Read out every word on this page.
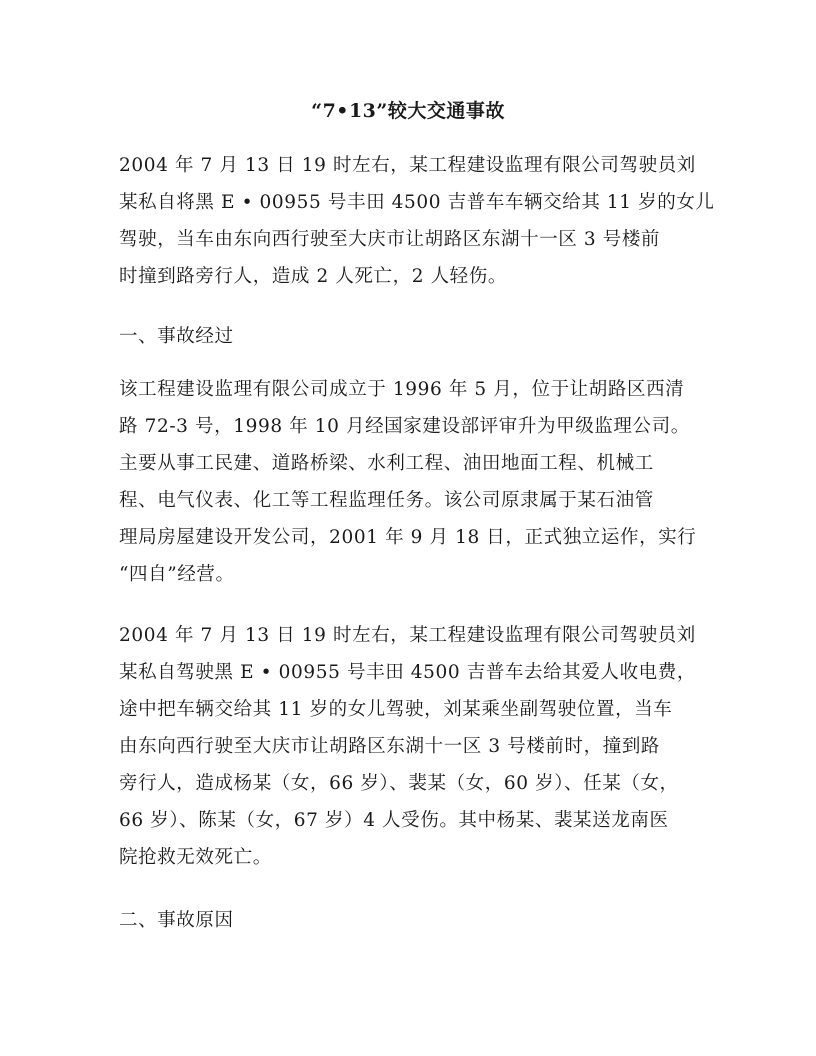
“7•13”较大交通事故

2004 年 7 月 13 日 19 时左右，某工程建设监理有限公司驾驶员刘
某私自将黑 E • 00955 号丰田 4500 吉普车车辆交给其 11 岁的女儿
驾驶，当车由东向西行驶至大庆市让胡路区东湖十一区 3 号楼前
时撞到路旁行人，造成 2 人死亡，2 人轻伤。

一、事故经过

该工程建设监理有限公司成立于 1996 年 5 月，位于让胡路区西清
路 72-3 号，1998 年 10 月经国家建设部评审升为甲级监理公司。
主要从事工民建、道路桥梁、水利工程、油田地面工程、机械工
程、电气仪表、化工等工程监理任务。该公司原隶属于某石油管
理局房屋建设开发公司，2001 年 9 月 18 日，正式独立运作，实行
“四自”经营。

2004 年 7 月 13 日 19 时左右，某工程建设监理有限公司驾驶员刘
某私自驾驶黑 E • 00955 号丰田 4500 吉普车去给其爱人收电费，
途中把车辆交给其 11 岁的女儿驾驶，刘某乘坐副驾驶位置，当车
由东向西行驶至大庆市让胡路区东湖十一区 3 号楼前时，撞到路
旁行人，造成杨某（女，66 岁）、裴某（女，60 岁）、任某（女，
66 岁）、陈某（女，67 岁）4 人受伤。其中杨某、裴某送龙南医
院抢救无效死亡。

二、事故原因
